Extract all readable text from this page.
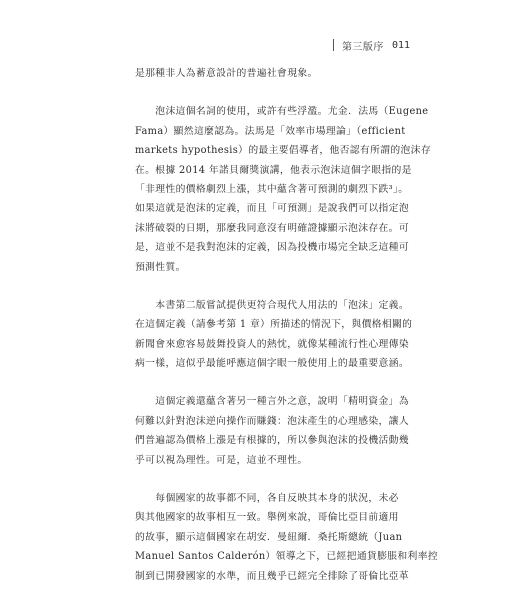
第三版序 011

是那種非人為蓄意設計的普遍社會現象。

　　泡沫這個名詞的使用，或許有些浮濫。尤金．法馬（Eugene
Fama）顯然這麼認為。法馬是「效率市場理論」（efficient
markets hypothesis）的最主要倡導者，他否認有所謂的泡沫存
在。根據 2014 年諾貝爾獎演講，他表示泡沫這個字眼指的是
「非理性的價格劇烈上漲，其中蘊含著可預測的劇烈下跌³」。
如果這就是泡沫的定義，而且「可預測」是說我們可以指定泡
沫將破裂的日期，那麼我同意沒有明確證據顯示泡沫存在。可
是，這並不是我對泡沫的定義，因為投機市場完全缺乏這種可
預測性質。

　　本書第二版嘗試提供更符合現代人用法的「泡沫」定義。
在這個定義（請參考第 1 章）所描述的情況下，與價格相關的
新聞會來愈容易鼓舞投資人的熱忱，就像某種流行性心理傳染
病一樣，這似乎最能呼應這個字眼一般使用上的最重要意涵。

　　這個定義還蘊含著另一種言外之意，說明「精明資金」為
何難以針對泡沫逆向操作而賺錢：泡沫產生的心理感染，讓人
們普遍認為價格上漲是有根據的，所以參與泡沫的投機活動幾
乎可以視為理性。可是，這並不理性。

　　每個國家的故事都不同，各自反映其本身的狀況，未必
與其他國家的故事相互一致。舉例來說，哥倫比亞目前適用
的故事，顯示這個國家在胡安．曼紐爾．桑托斯總統（Juan
Manuel Santos Calderón）領導之下，已經把通貨膨脹和利率控
制到已開發國家的水準，而且幾乎已經完全排除了哥倫比亞革
